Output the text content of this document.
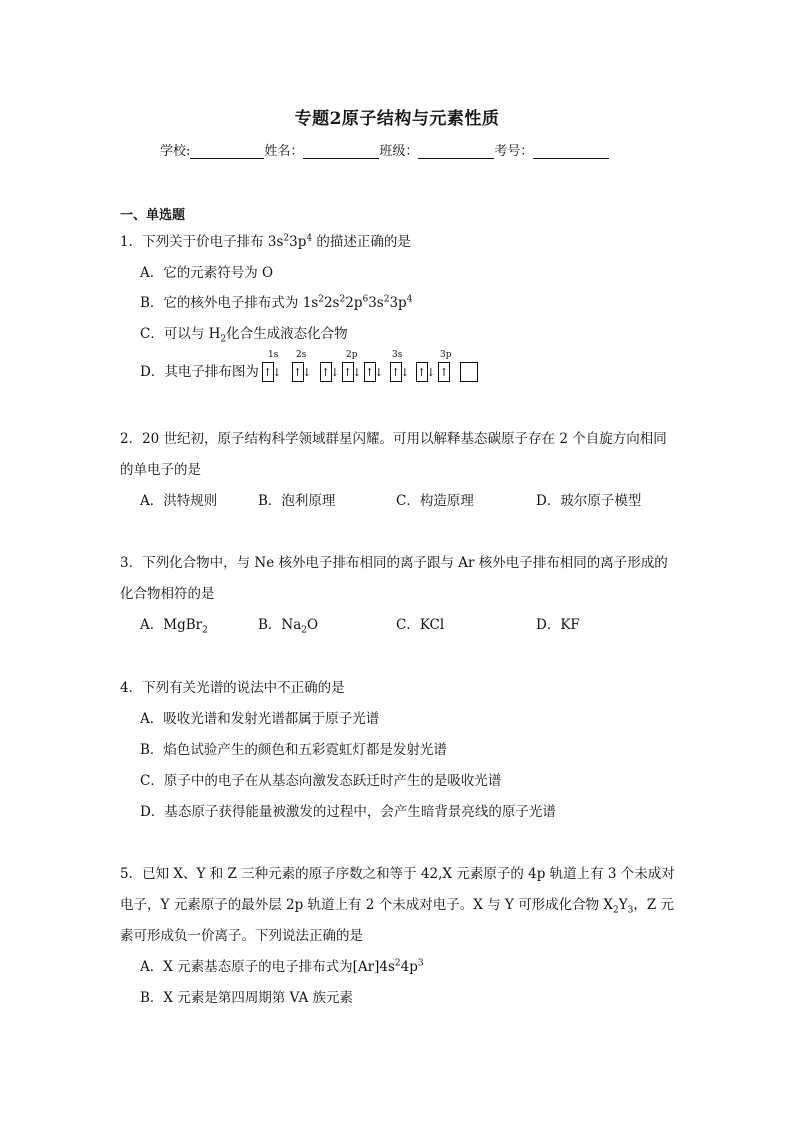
专题2原子结构与元素性质
学校:	姓名：	班级：	考号：
一、单选题
1．下列关于价电子排布 $3s^23p^4$ 的描述正确的是
A．它的元素符号为 O
B．它的核外电子排布式为 $1s^22s^22p^63s^23p^4$
C．可以与 $H_2$化合生成液态化合物
D．其电子排布图为
1s 2s	2p	3s	3p
↑↓ ↑↓ ↑↓ ↑↓ ↑↓ ↑↓ ↑↓ ↑
2．20 世纪初，原子结构科学领域群星闪耀。可用以解释基态碳原子存在 2 个自旋方向相同
的单电子的是
A．洪特规则	B．泡利原理	C．构造原理	D．玻尔原子模型
3．下列化合物中，与 Ne 核外电子排布相同的离子跟与 Ar 核外电子排布相同的离子形成的
化合物相符的是
A．MgBr$_2$	B．$Na_2O$	C．KCl	D．KF
4．下列有关光谱的说法中不正确的是
A．吸收光谱和发射光谱都属于原子光谱
B．焰色试验产生的颜色和五彩霓虹灯都是发射光谱
C．原子中的电子在从基态向激发态跃迁时产生的是吸收光谱
D．基态原子获得能量被激发的过程中，会产生暗背景亮线的原子光谱
5．已知 X、Y 和 Z 三种元素的原子序数之和等于 42,X 元素原子的 4p 轨道上有 3 个未成对
电子，Y 元素原子的最外层 2p 轨道上有 2 个未成对电子。X 与 Y 可形成化合物 $X_2Y_3$，Z 元
素可形成负一价离子。下列说法正确的是
A．X 元素基态原子的电子排布式为$[Ar]4s^24p^3$
B．X 元素是第四周期第 VA 族元素
